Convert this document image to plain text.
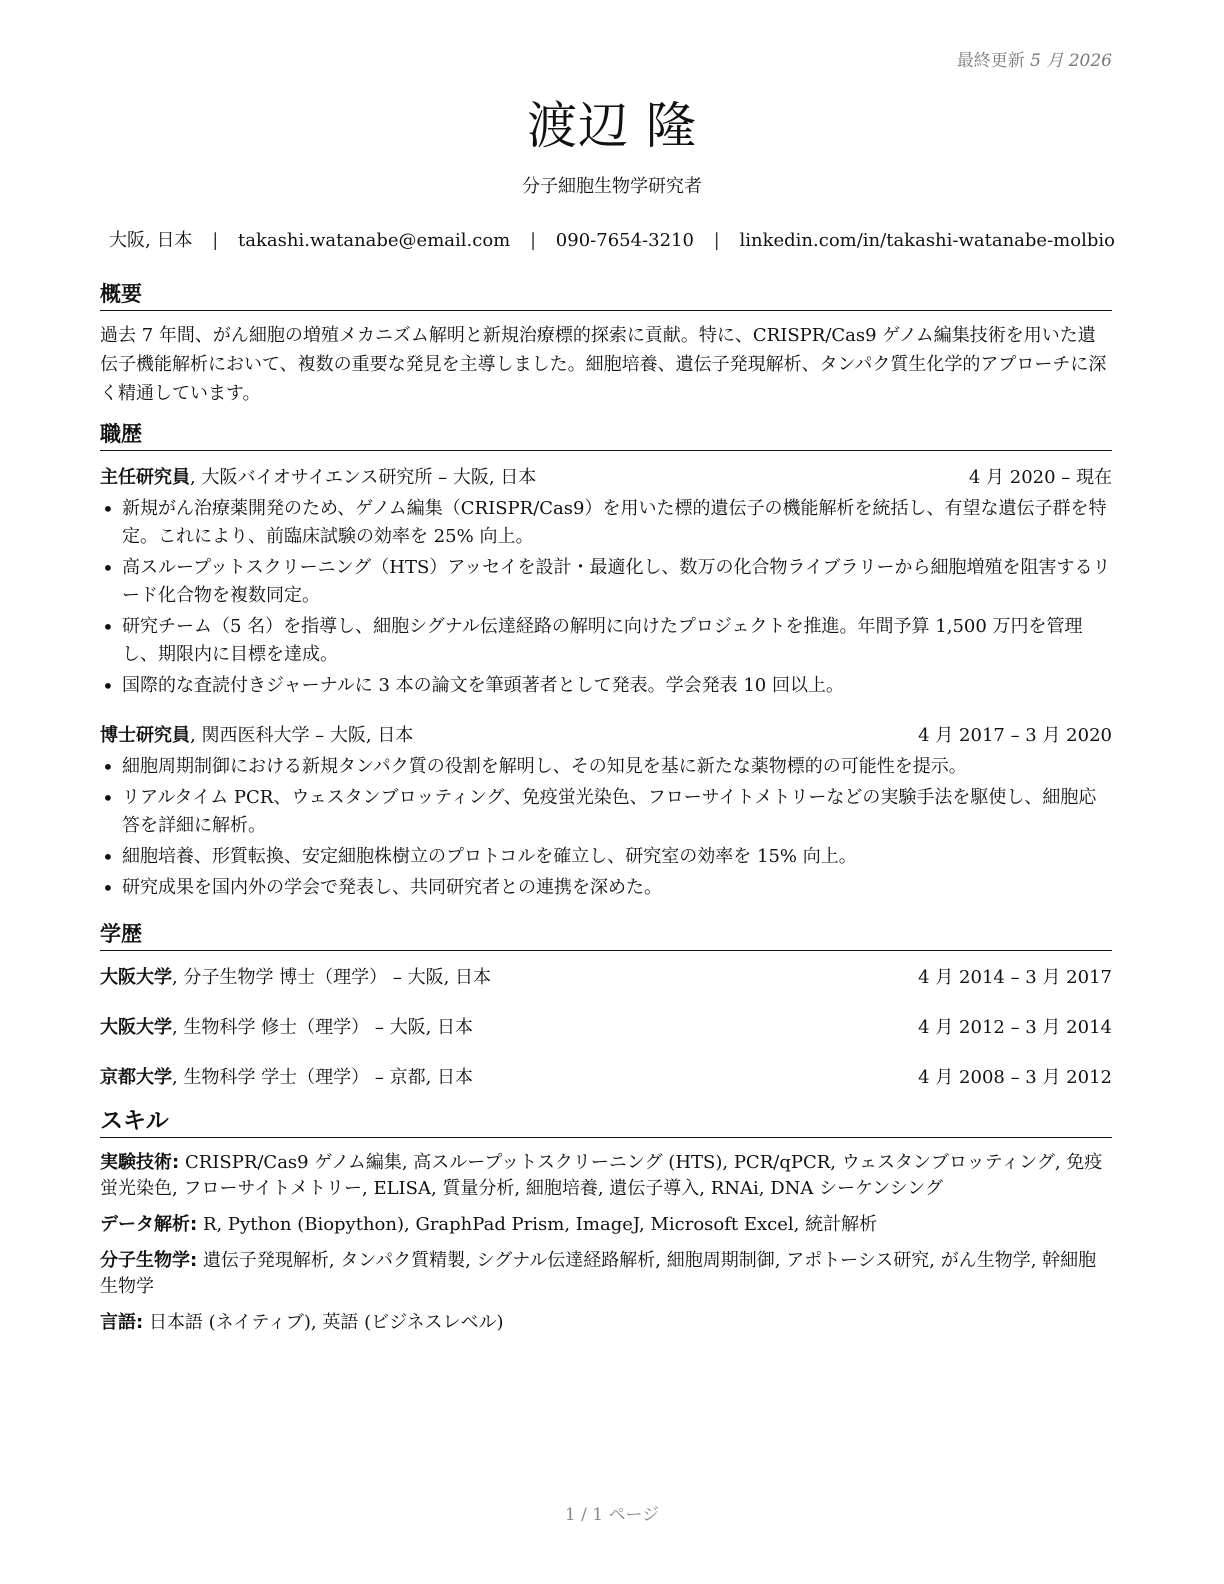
最終更新 5 月 2026
渡辺 隆
分子細胞生物学研究者
大阪, 日本 | takashi.watanabe@email.com | 090-7654-3210 | linkedin.com/in/takashi-watanabe-molbio
概要
過去 7 年間、がん細胞の増殖メカニズム解明と新規治療標的探索に貢献。特に、CRISPR/Cas9 ゲノム編集技術を用いた遺伝子機能解析において、複数の重要な発見を主導しました。細胞培養、遺伝子発現解析、タンパク質生化学的アプローチに深く精通しています。
職歴
主任研究員, 大阪バイオサイエンス研究所 – 大阪, 日本	4 月 2020 – 現在
• 新規がん治療薬開発のため、ゲノム編集（CRISPR/Cas9）を用いた標的遺伝子の機能解析を統括し、有望な遺伝子群を特定。これにより、前臨床試験の効率を 25% 向上。
• 高スループットスクリーニング（HTS）アッセイを設計・最適化し、数万の化合物ライブラリーから細胞増殖を阻害するリード化合物を複数同定。
• 研究チーム（5 名）を指導し、細胞シグナル伝達経路の解明に向けたプロジェクトを推進。年間予算 1,500 万円を管理し、期限内に目標を達成。
• 国際的な査読付きジャーナルに 3 本の論文を筆頭著者として発表。学会発表 10 回以上。
博士研究員, 関西医科大学 – 大阪, 日本	4 月 2017 – 3 月 2020
• 細胞周期制御における新規タンパク質の役割を解明し、その知見を基に新たな薬物標的の可能性を提示。
• リアルタイム PCR、ウェスタンブロッティング、免疫蛍光染色、フローサイトメトリーなどの実験手法を駆使し、細胞応答を詳細に解析。
• 細胞培養、形質転換、安定細胞株樹立のプロトコルを確立し、研究室の効率を 15% 向上。
• 研究成果を国内外の学会で発表し、共同研究者との連携を深めた。
学歴
大阪大学, 分子生物学 博士（理学） – 大阪, 日本	4 月 2014 – 3 月 2017
大阪大学, 生物科学 修士（理学） – 大阪, 日本	4 月 2012 – 3 月 2014
京都大学, 生物科学 学士（理学） – 京都, 日本	4 月 2008 – 3 月 2012
スキル
実験技術: CRISPR/Cas9 ゲノム編集, 高スループットスクリーニング (HTS), PCR/qPCR, ウェスタンブロッティング, 免疫蛍光染色, フローサイトメトリー, ELISA, 質量分析, 細胞培養, 遺伝子導入, RNAi, DNA シーケンシング
データ解析: R, Python (Biopython), GraphPad Prism, ImageJ, Microsoft Excel, 統計解析
分子生物学: 遺伝子発現解析, タンパク質精製, シグナル伝達経路解析, 細胞周期制御, アポトーシス研究, がん生物学, 幹細胞生物学
言語: 日本語 (ネイティブ), 英語 (ビジネスレベル)
1 / 1 ページ
